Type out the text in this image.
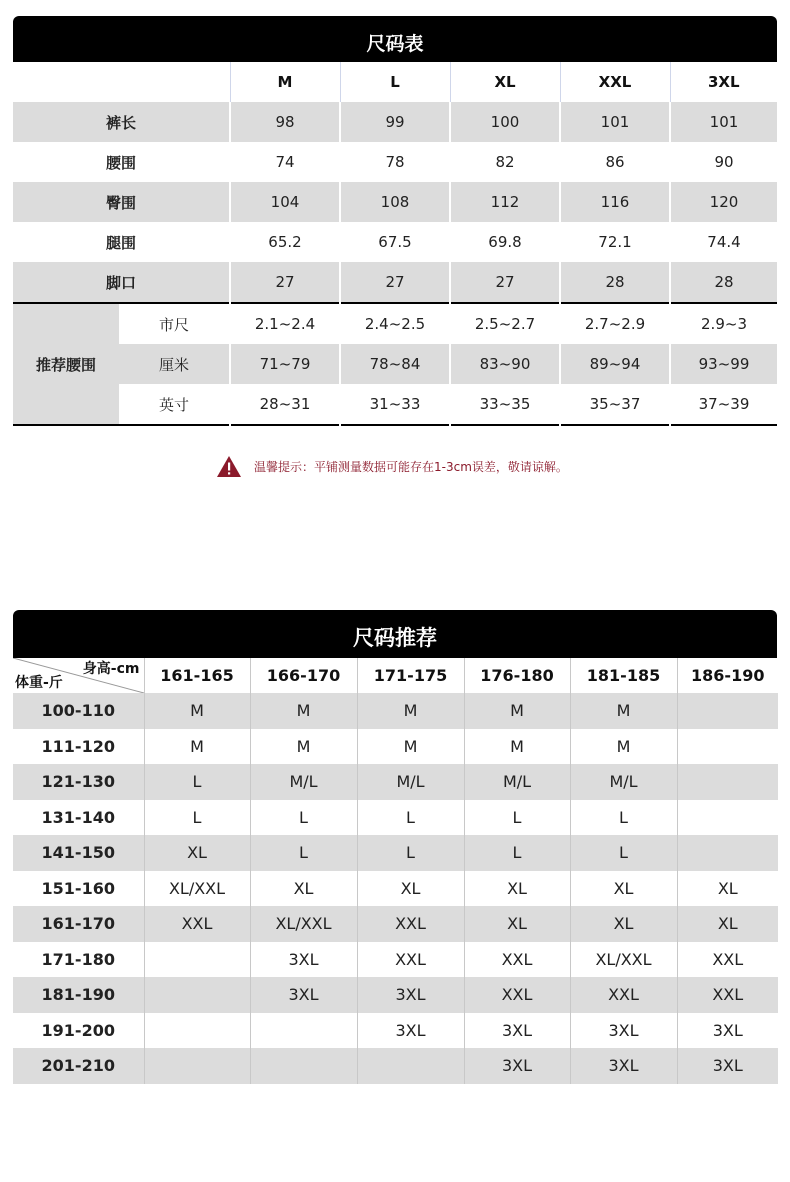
尺码表
		M	L	XL	XXL	3XL
裤长		98	99	100	101	101
腰围		74	78	82	86	90
臀围		104	108	112	116	120
腿围		65.2	67.5	69.8	72.1	74.4
脚口		27	27	27	28	28
推荐腰围	市尺	2.1~2.4	2.4~2.5	2.5~2.7	2.7~2.9	2.9~3
	厘米	71~79	78~84	83~90	89~94	93~99
	英寸	28~31	31~33	33~35	35~37	37~39
温馨提示：平铺测量数据可能存在1-3cm误差，敬请谅解。
尺码推荐
身高-cm
体重-斤	161-165	166-170	171-175	176-180	181-185	186-190
100-110	M	M	M	M	M	
111-120	M	M	M	M	M	
121-130	L	M/L	M/L	M/L	M/L	
131-140	L	L	L	L	L	
141-150	XL	L	L	L	L	
151-160	XL/XXL	XL	XL	XL	XL	XL
161-170	XXL	XL/XXL	XXL	XL	XL	XL
171-180		3XL	XXL	XXL	XL/XXL	XXL
181-190		3XL	3XL	XXL	XXL	XXL
191-200			3XL	3XL	3XL	3XL
201-210				3XL	3XL	3XL
